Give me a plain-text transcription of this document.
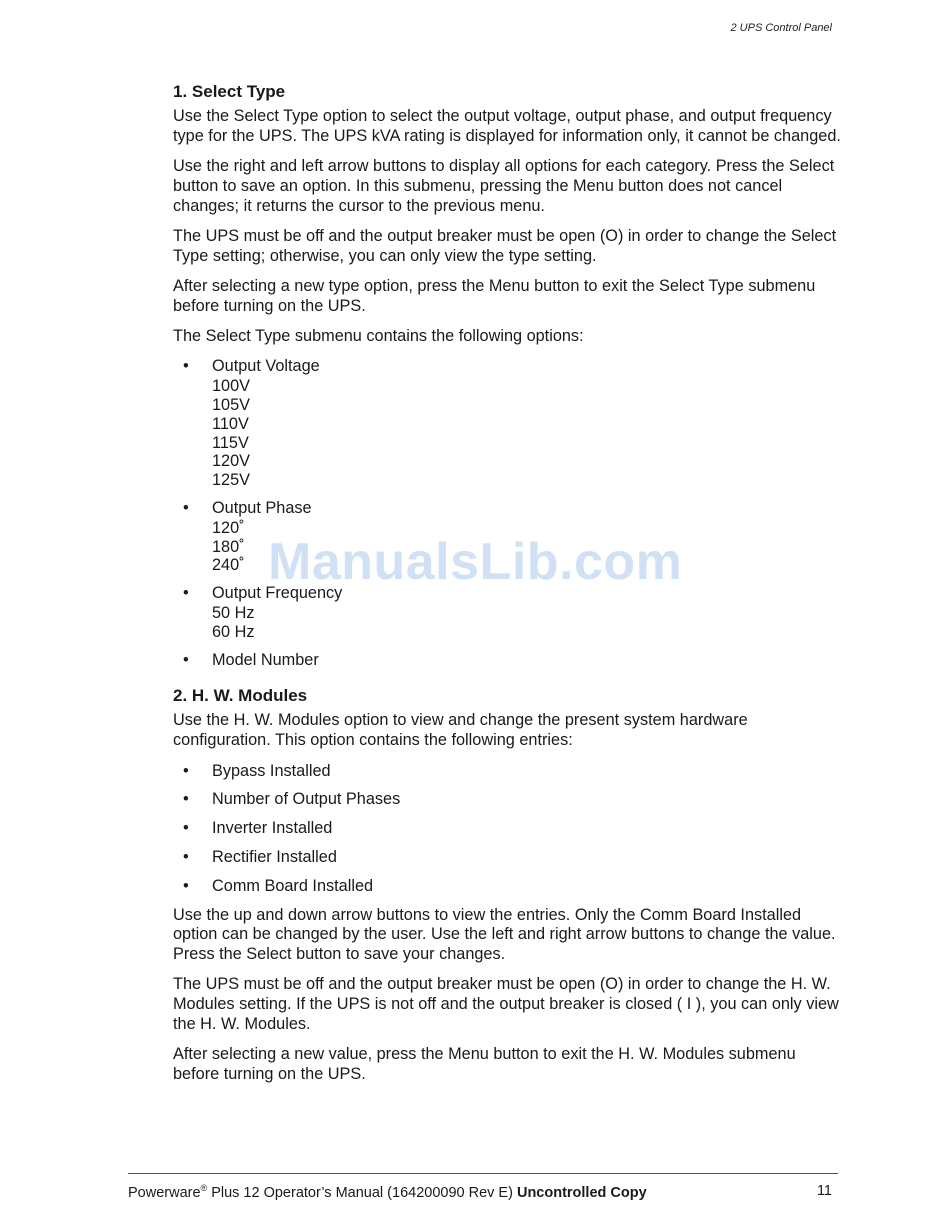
2 UPS Control Panel
1. Select Type

Use the Select Type option to select the output voltage, output phase, and output frequency type for the UPS. The UPS kVA rating is displayed for information only, it cannot be changed.

Use the right and left arrow buttons to display all options for each category. Press the Select button to save an option. In this submenu, pressing the Menu button does not cancel changes; it returns the cursor to the previous menu.

The UPS must be off and the output breaker must be open (O) in order to change the Select Type setting; otherwise, you can only view the type setting.

After selecting a new type option, press the Menu button to exit the Select Type submenu before turning on the UPS.

The Select Type submenu contains the following options:

• Output Voltage
100V
105V
110V
115V
120V
125V
• Output Phase
120˚
180˚
240˚
• Output Frequency
50 Hz
60 Hz
• Model Number
2. H. W. Modules

Use the H. W. Modules option to view and change the present system hardware configuration. This option contains the following entries:

• Bypass Installed
• Number of Output Phases
• Inverter Installed
• Rectifier Installed
• Comm Board Installed

Use the up and down arrow buttons to view the entries. Only the Comm Board Installed option can be changed by the user. Use the left and right arrow buttons to change the value. Press the Select button to save your changes.

The UPS must be off and the output breaker must be open (O) in order to change the H. W. Modules setting. If the UPS is not off and the output breaker is closed ( I ), you can only view the H. W. Modules.

After selecting a new value, press the Menu button to exit the H. W. Modules submenu before turning on the UPS.

ManualsLib.com
Powerware® Plus 12 Operator’s Manual (164200090 Rev E) Uncontrolled Copy	11
